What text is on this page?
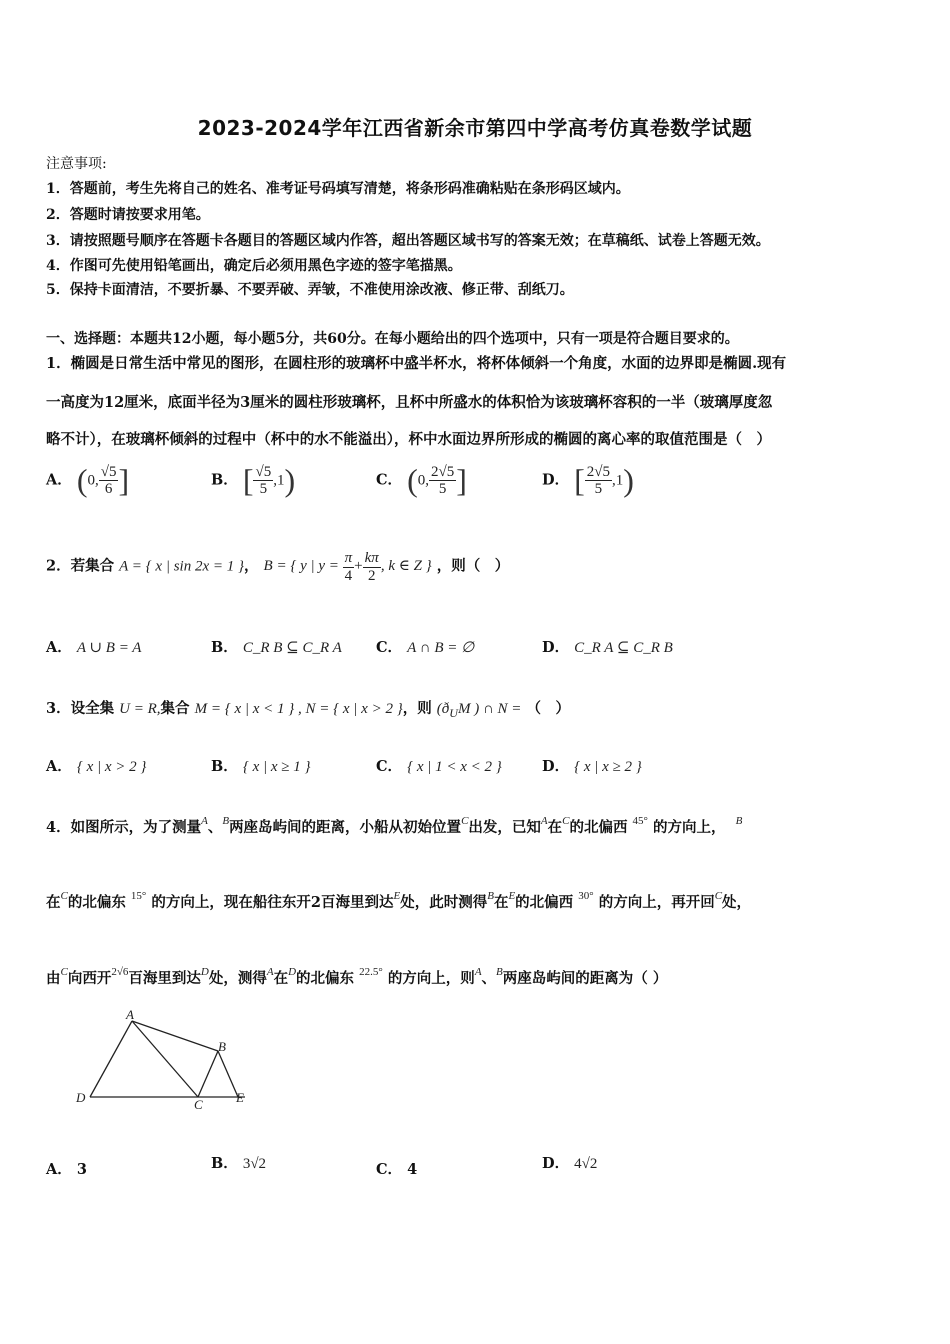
2023-2024学年江西省新余市第四中学高考仿真卷数学试题
注意事项:
1．答题前，考生先将自己的姓名、准考证号码填写清楚，将条形码准确粘贴在条形码区域内。
2．答题时请按要求用笔。
3．请按照题号顺序在答题卡各题目的答题区域内作答，超出答题区域书写的答案无效；在草稿纸、试卷上答题无效。
4．作图可先使用铅笔画出，确定后必须用黑色字迹的签字笔描黑。
5．保持卡面清洁，不要折暴、不要弄破、弄皱，不准使用涂改液、修正带、刮纸刀。
一、选择题：本题共12小题，每小题5分，共60分。在每小题给出的四个选项中，只有一项是符合题目要求的。
1．椭圆是日常生活中常见的图形，在圆柱形的玻璃杯中盛半杯水，将杯体倾斜一个角度，水面的边界即是椭圆.现有
一高度为12厘米，底面半径为3厘米的圆柱形玻璃杯，且杯中所盛水的体积恰为该玻璃杯容积的一半（玻璃厚度忽
略不计），在玻璃杯倾斜的过程中（杯中的水不能溢出），杯中水面边界所形成的椭圆的离心率的取值范围是（　）
A． (0, $\frac{√5}{6}$ ]	B． [ $\frac{√5}{5} ,1$)	C． (0, $\frac{2√5}{5}$ ]	D． [ $\frac{2√5}{5} ,1$)
2．若集合 A = { x | sin 2x = 1 }， B = { y | $y = \frac{\pi}{4} + \frac{k\pi}{2}$ , k ∈ Z } ，则（　）
A． A ∪ B = A	B． C_R B ⊆ C_R A C． A ∩ B = ∅	D． C_R A ⊆ C_R B
3．设全集 U = R,集合 M = { x | x < 1 } , N = { x | x > 2 }，则 ($ð_UM$ ) ∩ N = （　）
A． { x | x > 2 }	B． { x | x ≥ 1 }	C． { x | 1 < x < 2 }	D． { x | x ≥ 2 }
4．如图所示，为了测量$^A$、$^B$两座岛屿间的距离，小船从初始位置$^C$出发，已知$^A$在$^C$的北偏西 $^{45^\circ}$ 的方向上， $^B$
在$^C$的北偏东 $^{15^\circ}$ 的方向上，现在船往东开2百海里到达$^E$处，此时测得$^B$在$^E$的北偏西 $^{30^\circ}$ 的方向上，再开回$^C$处，
由$^C$向西开$^{2√6}$百海里到达$^D$处，测得$^A$在$^D$的北偏东 $^{22.5^\circ}$ 的方向上，则$^A$、$^B$两座岛屿间的距离为（ ）
A
B
C
D	E
A． 3	B． 3√2	C． 4	D． 4√2
